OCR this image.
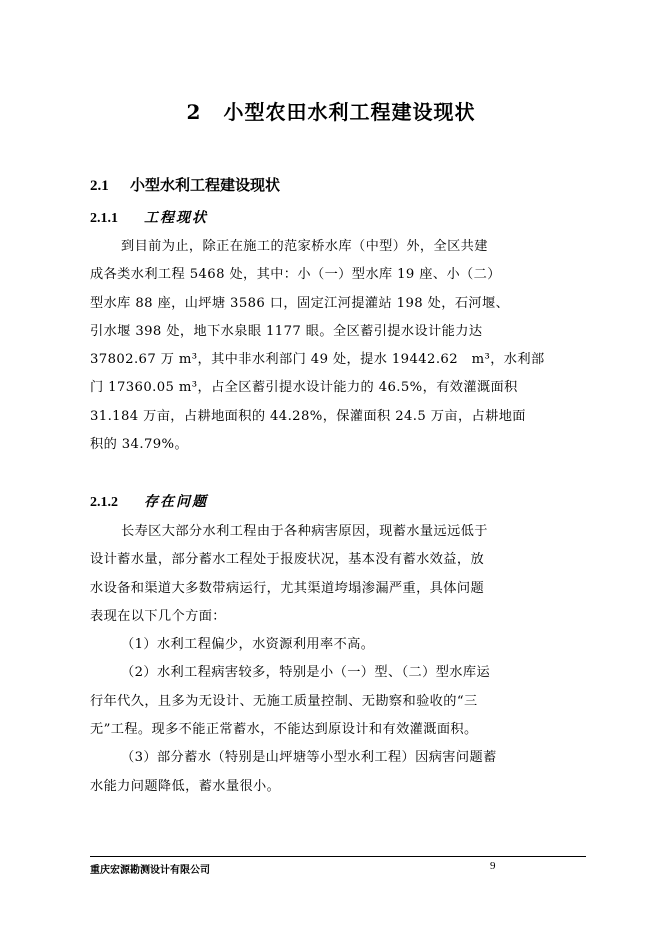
2 小型农田水利工程建设现状
2.1 小型水利工程建设现状
2.1.1 工程现状
到目前为止，除正在施工的范家桥水库（中型）外，全区共建
成各类水利工程 5468 处，其中：小（一）型水库 19 座、小（二）
型水库 88 座，山坪塘 3586 口，固定江河提灌站 198 处，石河堰、
引水堰 398 处，地下水泉眼 1177 眼。全区蓄引提水设计能力达
37802.67 万 m³，其中非水利部门 49 处，提水 19442.62　m³，水利部
门 17360.05 m³，占全区蓄引提水设计能力的 46.5%，有效灌溉面积
31.184 万亩，占耕地面积的 44.28%，保灌面积 24.5 万亩，占耕地面
积的 34.79%。
2.1.2 存在问题
长寿区大部分水利工程由于各种病害原因，现蓄水量远远低于
设计蓄水量，部分蓄水工程处于报废状况，基本没有蓄水效益，放
水设备和渠道大多数带病运行，尤其渠道垮塌渗漏严重，具体问题
表现在以下几个方面：
（1）水利工程偏少，水资源利用率不高。
（2）水利工程病害较多，特别是小（一）型、（二）型水库运
行年代久，且多为无设计、无施工质量控制、无勘察和验收的“三
无”工程。现多不能正常蓄水，不能达到原设计和有效灌溉面积。
（3）部分蓄水（特别是山坪塘等小型水利工程）因病害问题蓄
水能力问题降低，蓄水量很小。
重庆宏源勘测设计有限公司	9
